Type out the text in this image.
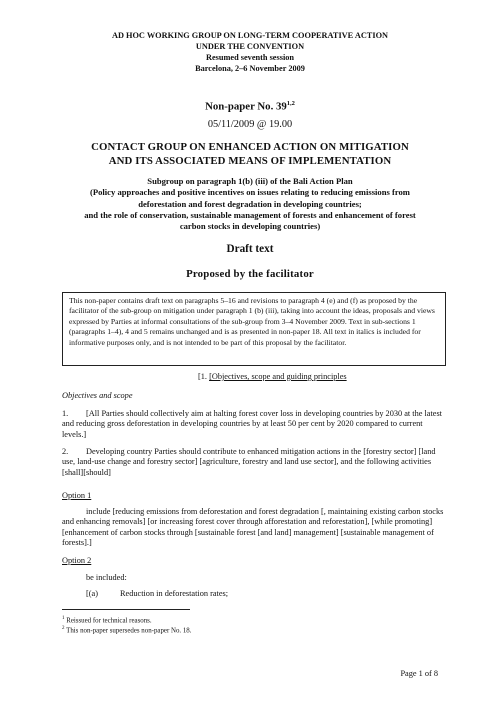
AD HOC WORKING GROUP ON LONG-TERM COOPERATIVE ACTION
UNDER THE CONVENTION
Resumed seventh session
Barcelona, 2–6 November 2009
Non-paper No. 39$^{1,2}$
05/11/2009 @ 19.00
CONTACT GROUP ON ENHANCED ACTION ON MITIGATION
AND ITS ASSOCIATED MEANS OF IMPLEMENTATION
Subgroup on paragraph 1(b) (iii) of the Bali Action Plan
(Policy approaches and positive incentives on issues relating to reducing emissions from
deforestation and forest degradation in developing countries;
and the role of conservation, sustainable management of forests and enhancement of forest
carbon stocks in developing countries)
Draft text
Proposed by the facilitator
This non-paper contains draft text on paragraphs 5–16 and revisions to paragraph 4 (e) and (f) as proposed by the facilitator of the sub-group on mitigation under paragraph 1 (b) (iii), taking into account the ideas, proposals and views expressed by Parties at informal consultations of the sub-group from 3–4 November 2009. Text in sub-sections 1 (paragraphs 1–4), 4 and 5 remains unchanged and is as presented in non-paper 18. All text in italics is included for informative purposes only, and is not intended to be part of this proposal by the facilitator.
[1. [Objectives, scope and guiding principles
Objectives and scope
1. [All Parties should collectively aim at halting forest cover loss in developing countries by 2030 at the latest and reducing gross deforestation in developing countries by at least 50 per cent by 2020 compared to current levels.]
2. Developing country Parties should contribute to enhanced mitigation actions in the [forestry sector] [land use, land-use change and forestry sector] [agriculture, forestry and land use sector], and the following activities [shall][should]
Option 1
include [reducing emissions from deforestation and forest degradation [, maintaining existing carbon stocks and enhancing removals] [or increasing forest cover through afforestation and reforestation], [while promoting][enhancement of carbon stocks through [sustainable forest [and land] management] [sustainable management of forests].]
Option 2
be included:
[(a)	Reduction in deforestation rates;
$^1$ Reissued for technical reasons.
$^2$ This non-paper supersedes non-paper No. 18.
Page 1 of 8
